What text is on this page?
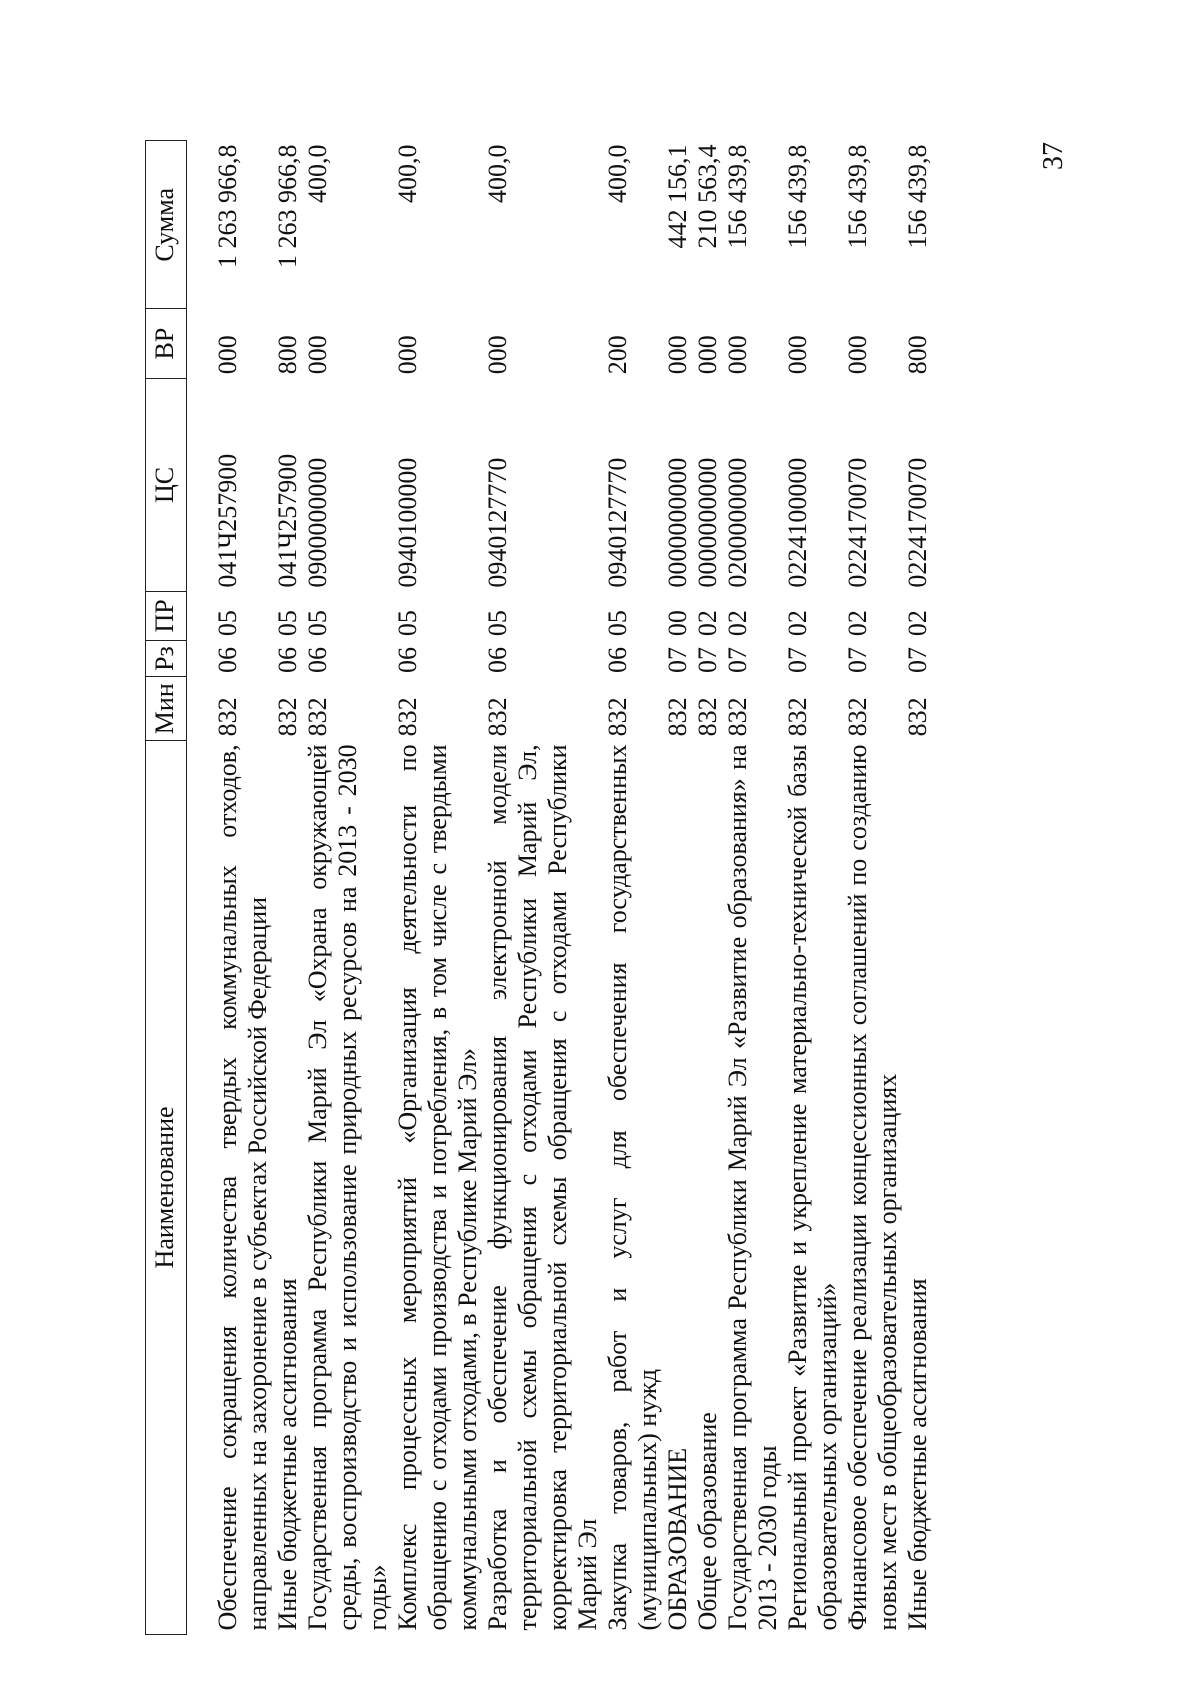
37
Наименование	Мин	Рз	ПР	ЦС	ВР	Сумма

Обеспечение сокращения количества твердых коммунальных отходов, направленных на захоронение в субъектах Российской Федерации	832	06	05	041Ч257900	000	1 263 966,8
Иные бюджетные ассигнования	832	06	05	041Ч257900	800	1 263 966,8
Государственная программа Республики Марий Эл «Охрана окружающей среды, воспроизводство и использование природных ресурсов на 2013 - 2030 годы»	832	06	05	0900000000	000	400,0
Комплекс процессных мероприятий «Организация деятельности по обращению с отходами производства и потребления, в том числе с твердыми коммунальными отходами, в Республике Марий Эл»	832	06	05	0940100000	000	400,0
Разработка и обеспечение функционирования электронной модели территориальной схемы обращения с отходами Республики Марий Эл, корректировка территориальной схемы обращения с отходами Республики Марий Эл	832	06	05	0940127770	000	400,0
Закупка товаров, работ и услуг для обеспечения государственных (муниципальных) нужд	832	06	05	0940127770	200	400,0
ОБРАЗОВАНИЕ	832	07	00	0000000000	000	442 156,1
Общее образование	832	07	02	0000000000	000	210 563,4
Государственная программа Республики Марий Эл «Развитие образования» на 2013 - 2030 годы	832	07	02	0200000000	000	156 439,8
Региональный проект «Развитие и укрепление материально-технической базы образовательных организаций»	832	07	02	0224100000	000	156 439,8
Финансовое обеспечение реализации концессионных соглашений по созданию новых мест в общеобразовательных организациях	832	07	02	0224170070	000	156 439,8
Иные бюджетные ассигнования	832	07	02	0224170070	800	156 439,8
